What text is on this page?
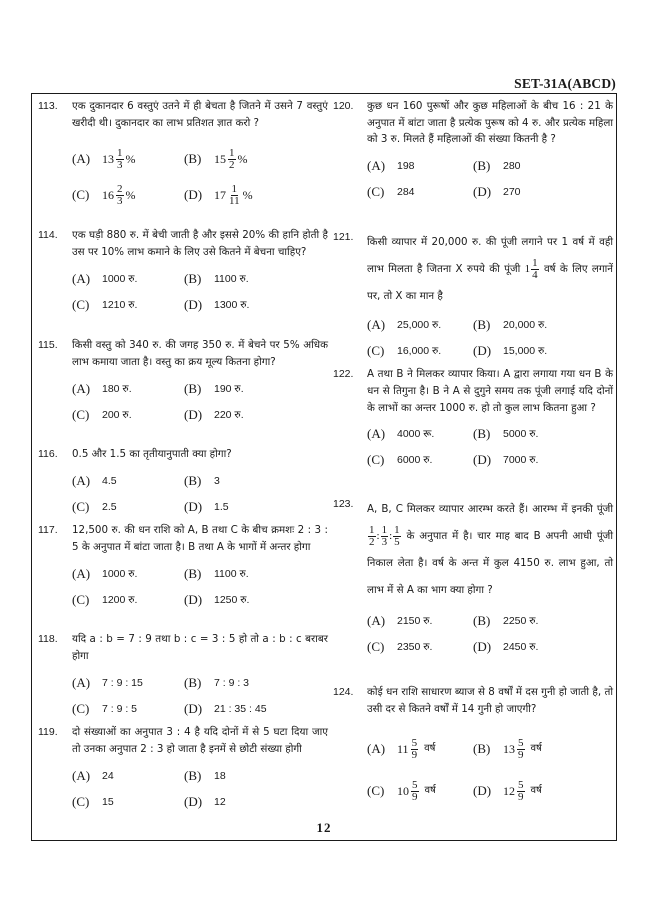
SET-31A(ABCD)
113.	एक दुकानदार 6 वस्तुएं उतने में ही बेचता है जितने में उसने 7 वस्तुएं खरीदी थी। दुकानदार का लाभ प्रतिशत ज्ञात करो ?
(A) $13 \frac{1}{3}$ %	(B)	$15 \frac{1}{2}$ %
(C)	$16 \frac{2}{3}$ %	(D) $17 \frac{1}{11}$ %
114.	एक घड़ी 880 रु. में बेची जाती है और इससे 20% की हानि होती है उस पर 10% लाभ कमाने के लिए उसे कितने में बेचना चाहिए?
(A)	1000 रु.	(B)	1100 रु.
(C)	1210 रु.	(D)	1300 रु.
115.	किसी वस्तु को 340 रु. की जगह 350 रु. में बेचने पर 5% अधिक लाभ कमाया जाता है। वस्तु का क्रय मूल्य कितना होगा?
(A)	180 रु.	(B)	190 रु.
(C)	200 रु.	(D)	220 रु.
116.	0.5 और 1.5 का तृतीयानुपाती क्या होगा?
(A)	4.5	(B)	3
(C)	2.5	(D)	1.5
117.	12,500 रु. की धन राशि को A, B तथा C के बीच क्रमशः 2 : 3 : 5 के अनुपात में बांटा जाता है। B तथा A के भागों में अन्तर होगा
(A)	1000 रु.	(B)	1100 रु.
(C)	1200 रु.	(D)	1250 रु.
118.	यदि a : b = 7 : 9 तथा b : c = 3 : 5 हो तो a : b : c बराबर होगा
(A)	7 : 9 : 15	(B)	7 : 9 : 3
(C)	7 : 9 : 5	(D)	21 : 35 : 45
119.	दो संख्याओं का अनुपात 3 : 4 है यदि दोनों में से 5 घटा दिया जाए तो उनका अनुपात 2 : 3 हो जाता है इनमें से छोटी संख्या होगी
(A)	24	(B)	18
(C)	15	(D)	12
120.	कुछ धन 160 पुरूषों और कुछ महिलाओं के बीच 16 : 21 के अनुपात में बांटा जाता है प्रत्येक पुरूष को 4 रु. और प्रत्येक महिला को 3 रु. मिलते हैं महिलाओं की संख्या कितनी है ?
(A)	198	(B)	280
(C)	284	(D)	270
121.	किसी व्यापार में 20,000 रु. की पूंजी लगाने पर 1 वर्ष में वही लाभ मिलता है जितना X रुपये की पूंजी $1 \frac{1}{4}$ वर्ष के लिए लगानें पर, तो X का मान है
(A)	25,000 रु. (B)	20,000 रु.
(C)	16,000 रु. (D)	15,000 रु.
122.	A तथा B ने मिलकर व्यापार किया। A द्वारा लगाया गया धन B के धन से तिगुना है। B ने A से दुगुने समय तक पूंजी लगाई यदि दोनों के लाभों का अन्तर 1000 रु. हो तो कुल लाभ कितना हुआ ?
(A)	4000 रू.	(B)	5000 रु.
(C)	6000 रु.	(D)	7000 रु.
123.	A, B, C मिलकर व्यापार आरम्भ करते हैं। आरम्भ में इनकी पूंजी
$\frac{1}{2}$ : $\frac{1}{3}$ : $\frac{1}{5}$ के अनुपात में है। चार माह बाद B अपनी आधी पूंजी निकाल लेता है। वर्ष के अन्त में कुल 4150 रु. लाभ हुआ, तो लाभ में से A का भाग क्या होगा ?
(A)	2150 रु.	(B)	2250 रु.
(C)	2350 रु.	(D)	2450 रु.
124.	कोई धन राशि साधारण ब्याज से 8 वर्षों में दस गुनी हो जाती है, तो उसी दर से कितने वर्षों में 14 गुनी हो जाएगी?
(A) $11 \frac{5}{9}$ वर्ष	(B)	$13 \frac{5}{9}$ वर्ष
(C)	$10 \frac{5}{9}$ वर्ष	(D) $12 \frac{5}{9}$ वर्ष
12
